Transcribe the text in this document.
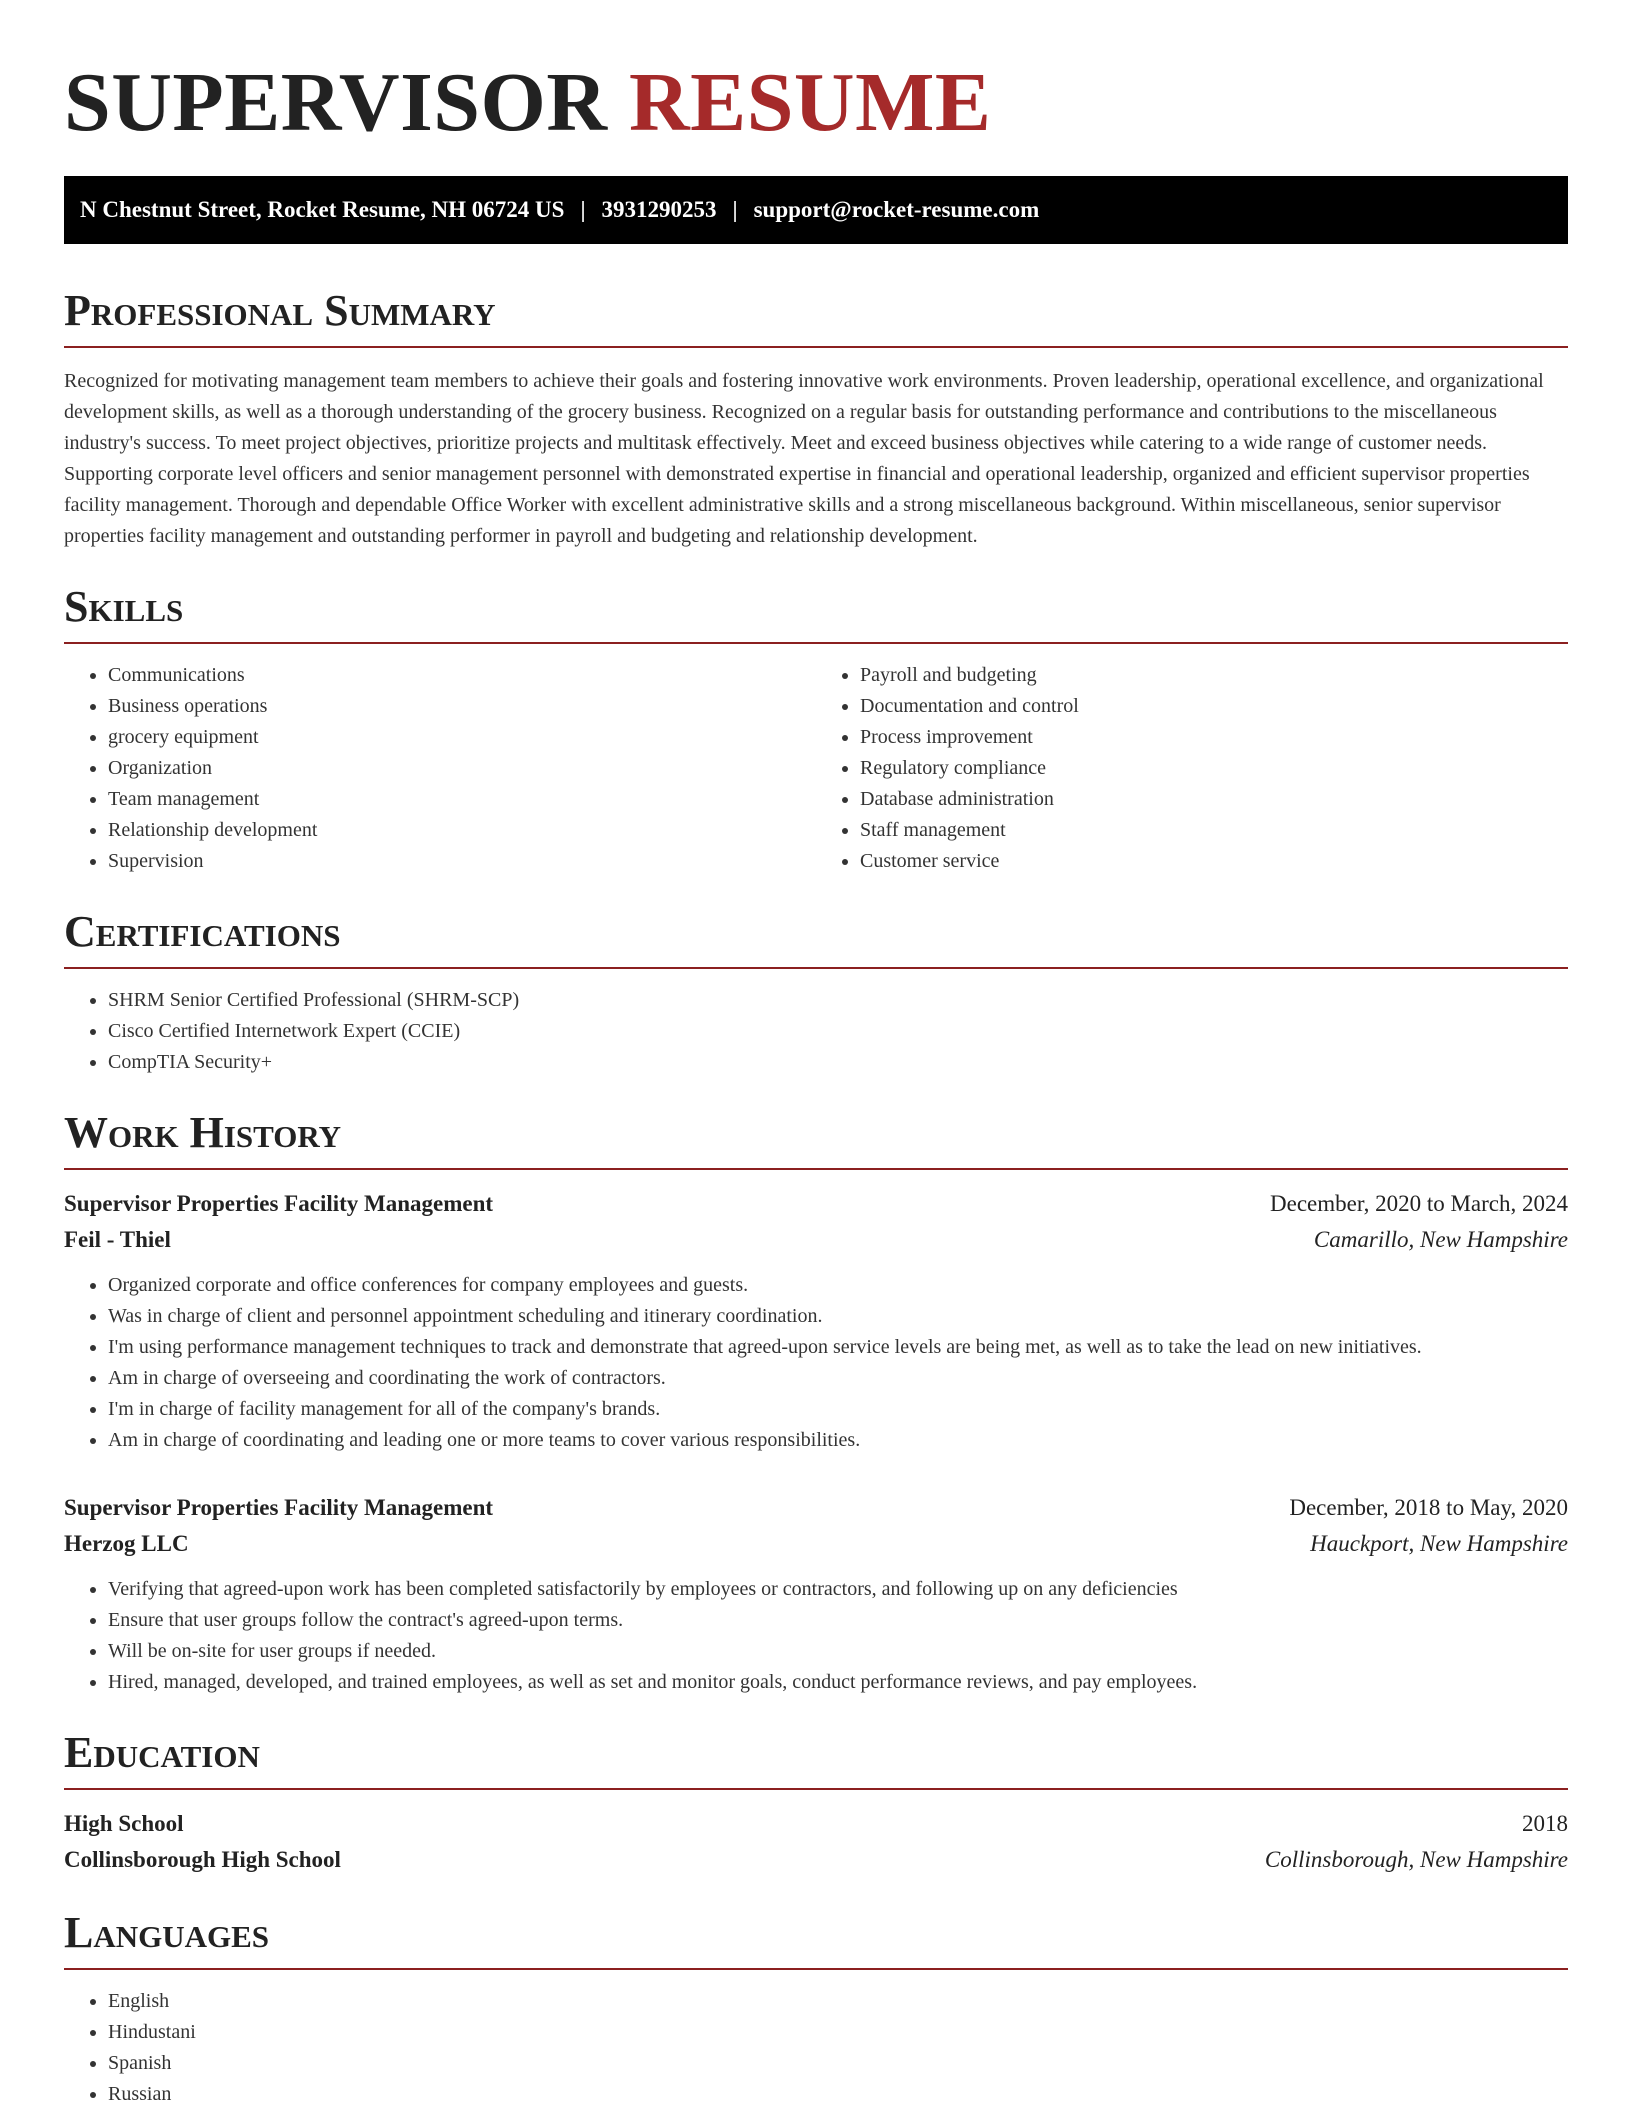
SUPERVISOR RESUME
N Chestnut Street, Rocket Resume, NH 06724 US | 3931290253 | support@rocket-resume.com
Professional Summary

Recognized for motivating management team members to achieve their goals and fostering innovative work environments. Proven leadership, operational excellence, and organizational development skills, as well as a thorough understanding of the grocery business. Recognized on a regular basis for outstanding performance and contributions to the miscellaneous industry's success. To meet project objectives, prioritize projects and multitask effectively. Meet and exceed business objectives while catering to a wide range of customer needs. Supporting corporate level officers and senior management personnel with demonstrated expertise in financial and operational leadership, organized and efficient supervisor properties facility management. Thorough and dependable Office Worker with excellent administrative skills and a strong miscellaneous background. Within miscellaneous, senior supervisor properties facility management and outstanding performer in payroll and budgeting and relationship development.

Skills
• Communications
• Business operations
• grocery equipment
• Organization
• Team management
• Relationship development
• Supervision
• Payroll and budgeting
• Documentation and control
• Process improvement
• Regulatory compliance
• Database administration
• Staff management
• Customer service
Certifications
• SHRM Senior Certified Professional (SHRM-SCP)
• Cisco Certified Internetwork Expert (CCIE)
• CompTIA Security+
Work History
Supervisor Properties Facility Management	December, 2020 to March, 2024
Feil - Thiel	Camarillo, New Hampshire
• Organized corporate and office conferences for company employees and guests.
• Was in charge of client and personnel appointment scheduling and itinerary coordination.
• I'm using performance management techniques to track and demonstrate that agreed-upon service levels are being met, as well as to take the lead on new initiatives.
• Am in charge of overseeing and coordinating the work of contractors.
• I'm in charge of facility management for all of the company's brands.
• Am in charge of coordinating and leading one or more teams to cover various responsibilities.
Supervisor Properties Facility Management	December, 2018 to May, 2020
Herzog LLC	Hauckport, New Hampshire
• Verifying that agreed-upon work has been completed satisfactorily by employees or contractors, and following up on any deficiencies
• Ensure that user groups follow the contract's agreed-upon terms.
• Will be on-site for user groups if needed.
• Hired, managed, developed, and trained employees, as well as set and monitor goals, conduct performance reviews, and pay employees.
Education
High School	2018
Collinsborough High School	Collinsborough, New Hampshire
Languages
• English
• Hindustani
• Spanish
• Russian
